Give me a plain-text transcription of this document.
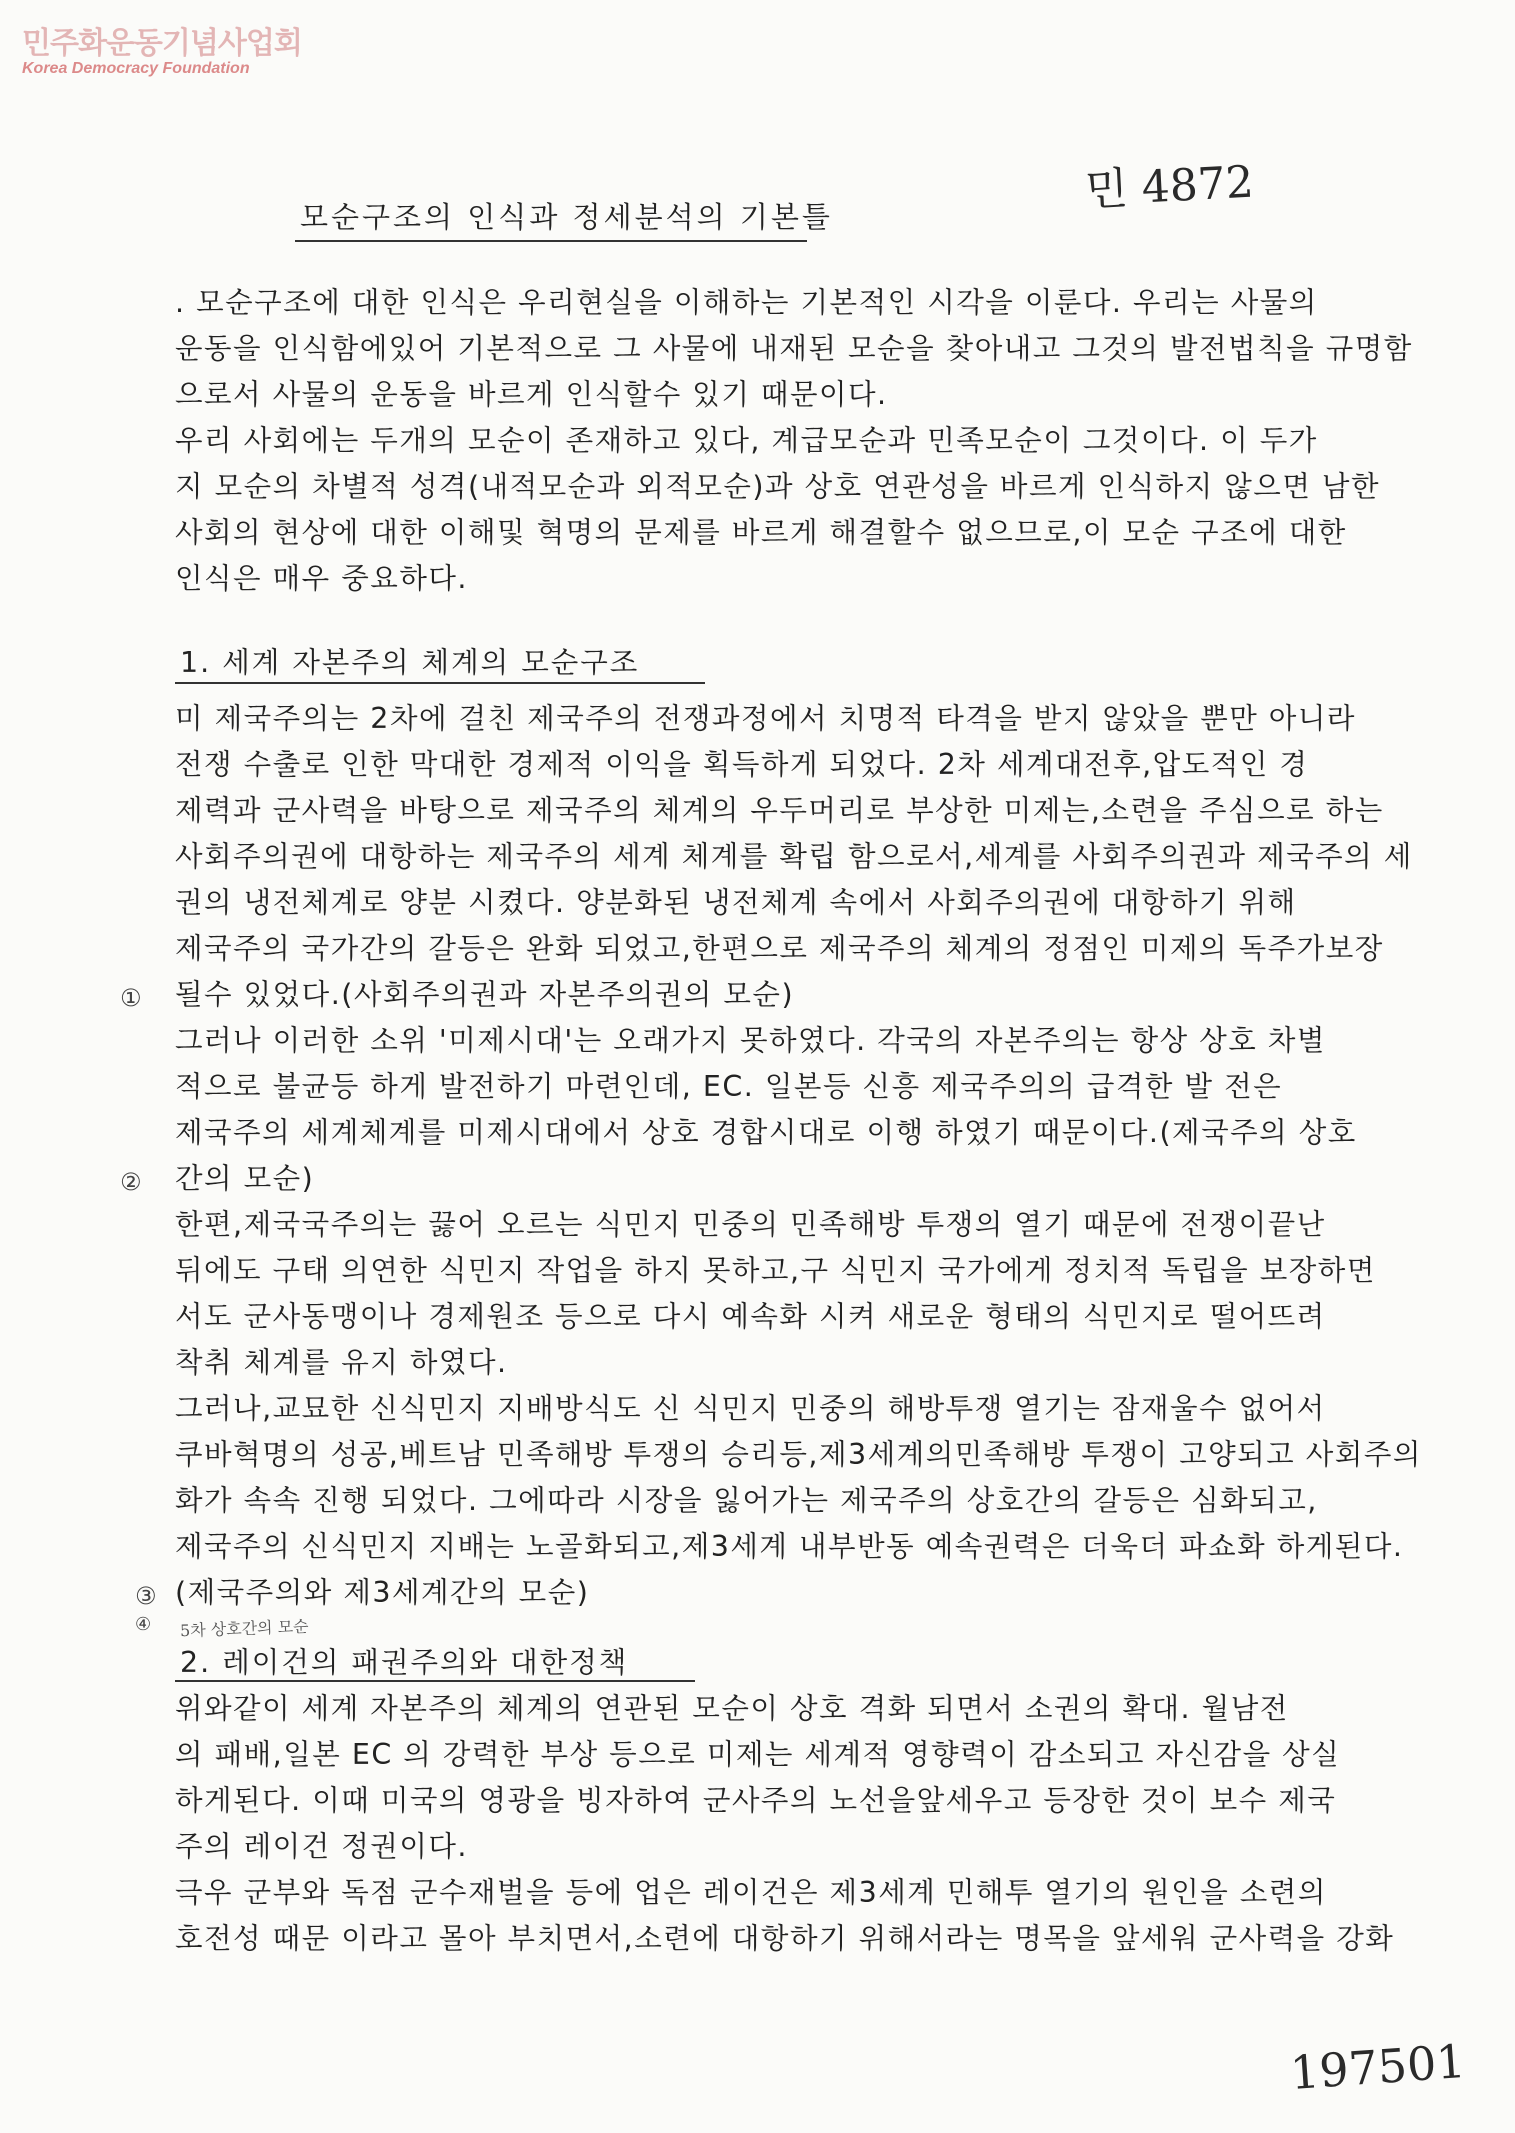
민주화운동기념사업회
Korea Democracy Foundation
민 4872
모순구조의 인식과 정세분석의 기본틀
. 모순구조에 대한 인식은 우리현실을 이해하는 기본적인 시각을 이룬다. 우리는 사물의
운동을 인식함에있어 기본적으로 그 사물에 내재된 모순을 찾아내고 그것의 발전법칙을 규명함
으로서 사물의 운동을 바르게 인식할수 있기 때문이다.
우리 사회에는 두개의 모순이 존재하고 있다, 계급모순과 민족모순이 그것이다. 이 두가
지 모순의 차별적 성격(내적모순과 외적모순)과 상호 연관성을 바르게 인식하지 않으면 남한
사회의 현상에 대한 이해및 혁명의 문제를 바르게 해결할수 없으므로,이 모순 구조에 대한
인식은 매우 중요하다.
1. 세계 자본주의 체계의 모순구조
미 제국주의는 2차에 걸친 제국주의 전쟁과정에서 치명적 타격을 받지 않았을 뿐만 아니라
전쟁 수출로 인한 막대한 경제적 이익을 획득하게 되었다. 2차 세계대전후,압도적인 경
제력과 군사력을 바탕으로 제국주의 체계의 우두머리로 부상한 미제는,소련을 주심으로 하는
사회주의권에 대항하는 제국주의 세계 체계를 확립 함으로서,세계를 사회주의권과 제국주의 세
권의 냉전체계로 양분 시켰다. 양분화된 냉전체계 속에서 사회주의권에 대항하기 위해
제국주의 국가간의 갈등은 완화 되었고,한편으로 제국주의 체계의 정점인 미제의 독주가보장
될수 있었다.(사회주의권과 자본주의권의 모순)
그러나 이러한 소위 '미제시대'는 오래가지 못하였다. 각국의 자본주의는 항상 상호 차별
적으로 불균등 하게 발전하기 마련인데, EC. 일본등 신흥 제국주의의 급격한 발 전은
제국주의 세계체계를 미제시대에서 상호 경합시대로 이행 하였기 때문이다.(제국주의 상호
간의 모순)
한편,제국국주의는 끓어 오르는 식민지 민중의 민족해방 투쟁의 열기 때문에 전쟁이끝난
뒤에도 구태 의연한 식민지 작업을 하지 못하고,구 식민지 국가에게 정치적 독립을 보장하면
서도 군사동맹이나 경제원조 등으로 다시 예속화 시켜 새로운 형태의 식민지로 떨어뜨려
착취 체계를 유지 하였다.
그러나,교묘한 신식민지 지배방식도 신 식민지 민중의 해방투쟁 열기는 잠재울수 없어서
쿠바혁명의 성공,베트남 민족해방 투쟁의 승리등,제3세계의민족해방 투쟁이 고양되고 사회주의
화가 속속 진행 되었다. 그에따라 시장을 잃어가는 제국주의 상호간의 갈등은 심화되고,
제국주의 신식민지 지배는 노골화되고,제3세계 내부반동 예속권력은 더욱더 파쇼화 하게된다.
(제국주의와 제3세계간의 모순)
①
②
③
④ 5차 상호간의 모순
2. 레이건의 패권주의와 대한정책
위와같이 세계 자본주의 체계의 연관된 모순이 상호 격화 되면서 소권의 확대. 월남전
의 패배,일본 EC 의 강력한 부상 등으로 미제는 세계적 영향력이 감소되고 자신감을 상실
하게된다. 이때 미국의 영광을 빙자하여 군사주의 노선을앞세우고 등장한 것이 보수 제국
주의 레이건 정권이다.
극우 군부와 독점 군수재벌을 등에 업은 레이건은 제3세계 민해투 열기의 원인을 소련의
호전성 때문 이라고 몰아 부치면서,소련에 대항하기 위해서라는 명목을 앞세워 군사력을 강화
197501
